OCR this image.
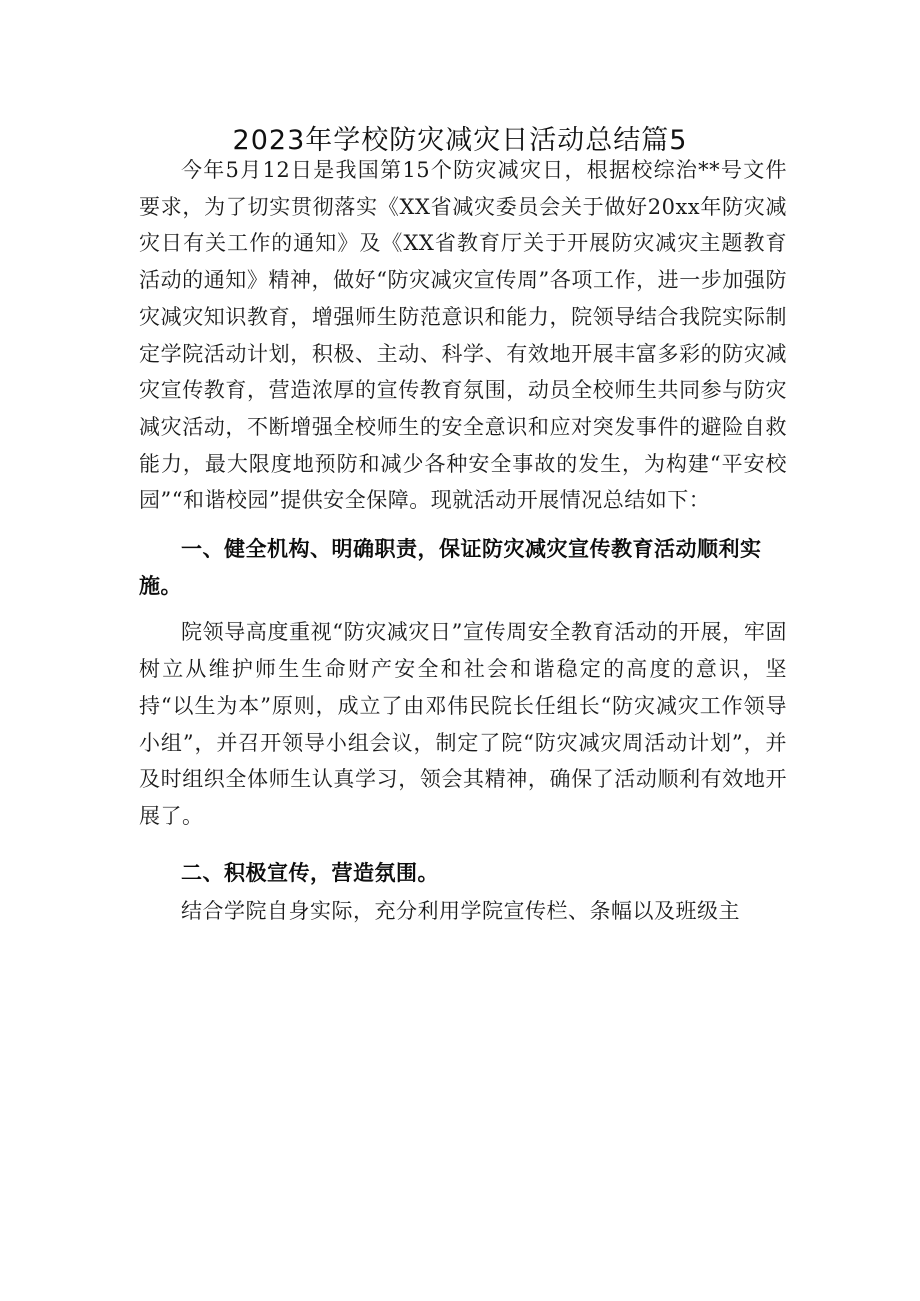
2023年学校防灾减灾日活动总结篇5

今年5月12日是我国第15个防灾减灾日，根据校综治**号文件要求，为了切实贯彻落实《XX省减灾委员会关于做好20xx年防灾减灾日有关工作的通知》及《XX省教育厅关于开展防灾减灾主题教育活动的通知》精神，做好“防灾减灾宣传周”各项工作，进一步加强防灾减灾知识教育，增强师生防范意识和能力，院领导结合我院实际制定学院活动计划，积极、主动、科学、有效地开展丰富多彩的防灾减灾宣传教育，营造浓厚的宣传教育氛围，动员全校师生共同参与防灾减灾活动，不断增强全校师生的安全意识和应对突发事件的避险自救能力，最大限度地预防和减少各种安全事故的发生，为构建“平安校园”“和谐校园”提供安全保障。现就活动开展情况总结如下：

一、健全机构、明确职责，保证防灾减灾宣传教育活动顺利实施。

院领导高度重视“防灾减灾日”宣传周安全教育活动的开展，牢固树立从维护师生生命财产安全和社会和谐稳定的高度的意识，坚持“以生为本”原则，成立了由邓伟民院长任组长“防灾减灾工作领导小组”，并召开领导小组会议，制定了院“防灾减灾周活动计划”，并及时组织全体师生认真学习，领会其精神，确保了活动顺利有效地开展了。

二、积极宣传，营造氛围。

结合学院自身实际，充分利用学院宣传栏、条幅以及班级主
